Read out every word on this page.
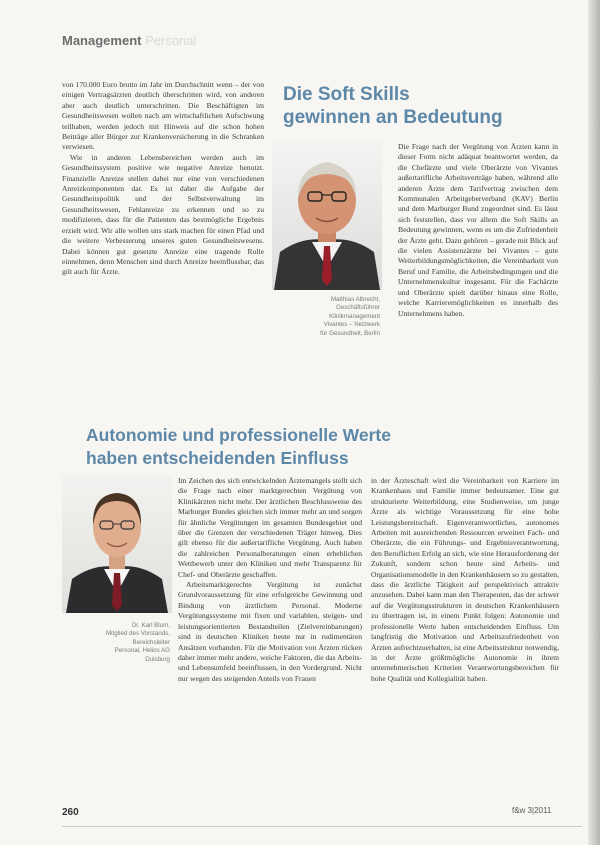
Management Personal

von 170.000 Euro brutto im Jahr im Durchschnitt wenn – der von einigen Vertragsärzten deutlich überschritten wird, von anderen aber auch deutlich unterschritten. Die Beschäftigten im Gesundheitswesen wollen nach am wirtschaftlichen Aufschwung teilhaben, werden jedoch mit Hinweis auf die schon hohen Beiträge aller Bürger zur Krankenversicherung in die Schranken verwiesen.

Wie in anderen Lebensbereichen werden auch im Gesundheitssystem positive wie negative Anreize benutzt. Finanzielle Anreize stellen dabei nur eine von verschiedenen Anreizkomponenten dar. Es ist daher die Aufgabe der Gesundheitspolitik und der Selbstverwaltung im Gesundheitswesen, Fehlanreize zu erkennen und so zu modifizieren, dass für die Patienten das bestmögliche Ergebnis erzielt wird. Wir alle wollen uns stark machen für einen Pfad und die weitere Verbesserung unseres guten Gesundheitswesens. Dabei können gut gesetzte Anreize eine tragende Rolle einnehmen, denn Menschen sind durch Anreize beeinflussbar, das gilt auch für Ärzte.

Die Soft Skills
gewinnen an Bedeutung
Matthias Albrecht,
Geschäftsführer
Klinikmanagement
Vivantes – Netzwerk
für Gesundheit, Berlin

Die Frage nach der Vergütung von Ärzten kann in dieser Form nicht adäquat beantwortet werden, da die Chefärzte und viele Oberärzte von Vivantes außertarifliche Arbeitsverträge haben, während alle anderen Ärzte dem Tarifvertrag zwischen dem Kommunalen Arbeitgeberverband (KAV) Berlin und dem Marburger Bund zugeordnet sind. Es lässt sich feststellen, dass vor allem die Soft Skills an Bedeutung gewinnen, wenn es um die Zufriedenheit der Ärzte geht. Dazu gehören – gerade mit Blick auf die vielen Assistenzärzte bei Vivantes – gute Weiterbildungsmöglichkeiten, die Vereinbarkeit von Beruf und Familie, die Arbeitsbedingungen und die Unternehmenskultur insgesamt. Für die Fachärzte und Oberärzte spielt darüber hinaus eine Rolle, welche Karrieremöglichkeiten es innerhalb des Unternehmens haben.

Autonomie und professionelle Werte
haben entscheidenden Einfluss
Dr. Karl Blum,
Mitglied des Vorstands,
Bereichsleiter
Personal, Helios AG
Duisburg

Im Zeichen des sich entwickelnden Ärztemangels stellt sich die Frage nach einer marktgerechten Vergütung von Klinikärzten nicht mehr. Der ärztlichen Beschlussweise des Marburger Bundes gleichen sich immer mehr an und sorgen für ähnliche Vergütungen im gesamten Bundesgebiet und über die Grenzen der verschiedenen Träger hinweg. Dies gilt ebenso für die außertarifliche Vergütung. Auch haben die zahlreichen Personalberatungen einen erheblichen Wettbewerb unter den Kliniken und mehr Transparenz für Chef- und Oberärzte geschaffen.

Arbeitsmarktgerechte Vergütung ist zunächst Grundvoraussetzung für eine erfolgreiche Gewinnung und Bindung von ärztlichem Personal. Moderne Vergütungssysteme mit fixen und variablen, steigen- und leistungsorientierten Bestandteilen (Zielvereinbarungen) sind in deutschen Kliniken heute nur in rudimentären Ansätzen vorhanden. Für die Motivation von Ärzten rücken daher immer mehr andere, weiche Faktoren, die das Arbeits- und Lebensumfeld beeinflussen, in den Vordergrund. Nicht nur wegen des steigenden Anteils von Frauen

in der Ärzteschaft wird die Vereinbarkeit von Karriere im Krankenhaus und Familie immer bedeutsamer. Eine gut strukturierte Weiterbildung, eine Studienweise, um junge Ärzte als wichtige Voraussetzung für eine hohe Leistungsbereitschaft. Eigenverantwortliches, autonomes Arbeiten mit ausreichenden Ressourcen erweitert Fach- und Oberärzte, die ein Führungs- und Ergebnisverantwortung, den Beruflichen Erfolg an sich, wie eine Herausforderung der Zukunft, sondern schon heute sind Arbeits- und Organisationsmodelle in den Krankenhäusern so zu gestalten, dass die ärztliche Tätigkeit auf perspektivisch attraktiv anzusehen. Dabei kann man den Therapeuten, das der schwer auf die Vergütungsstrukturen in deutschen Krankenhäusern zu übertragen ist, in einem Punkt folgen: Autonomie und professionelle Werte haben entscheidenden Einfluss. Um langfristig die Motivation und Arbeitszufriedenheit von Ärzten aufrechtzuerhalten, ist eine Arbeitsstruktur notwendig, in der Ärzte größtmögliche Autonomie in ihrem unternehmerischen Kriterien Verantwortungsbereichen für hohe Qualität und Kollegialität haben.

260	f&w 3|2011
